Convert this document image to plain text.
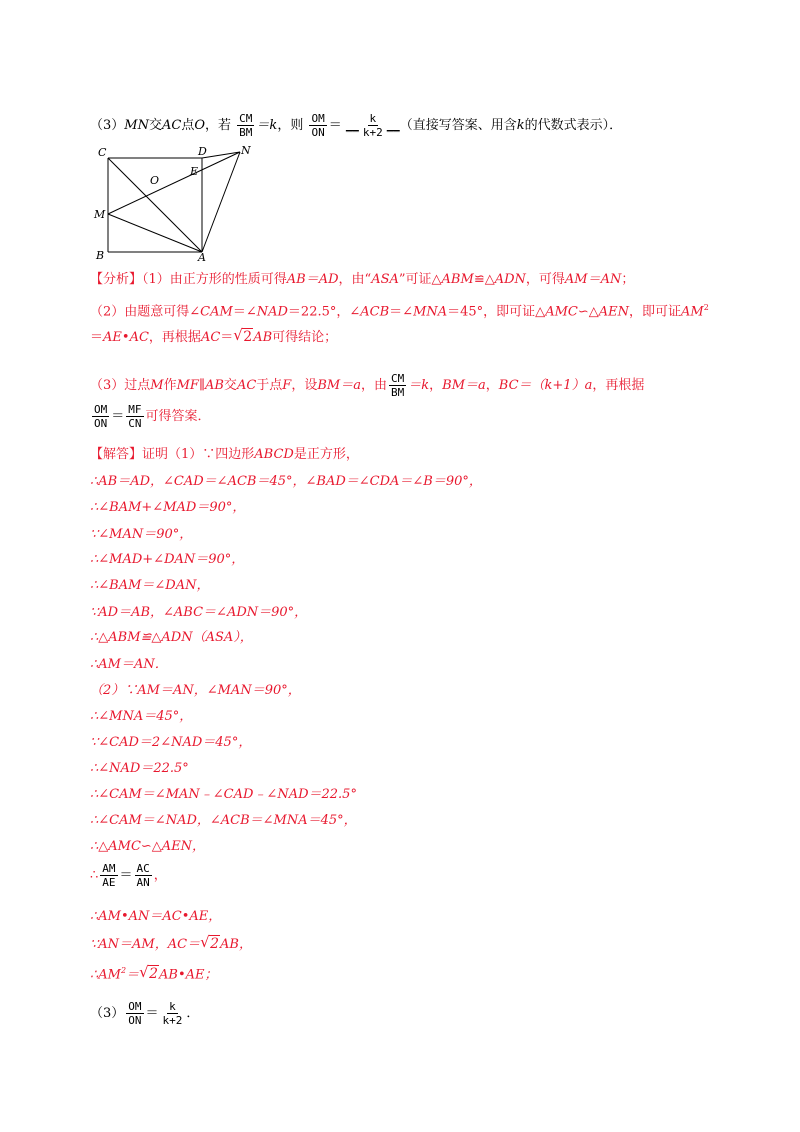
（3）MN交AC点O，若 $\frac{CM}{BM} =k$，则 $\frac{OM}{ON}$ ＝ __ $\frac{k}{k+2}$ __（直接写答案、用含k的代数式表示）．
C	D	N
O
E
M
B	A
【分析】（1）由正方形的性质可得AB＝AD，由“ASA”可证△ABM≌△ADN，可得AM＝AN；
（2）由题意可得∠CAM＝∠NAD＝22.5°，∠ACB＝∠MNA＝45°，即可证△AMC∽△AEN，即可证$AM^2$
＝AE•AC，再根据AC＝√ 2AB可得结论；
（3）过点M作MF∥AB交AC于点F，设BM＝a，由 $\frac{CM}{BM} =k$，BM＝a，BC＝（k+1）a，再根据
$\frac{OM}{ON} = \frac{MF}{CN}$ 可得答案．
【解答】证明（1）∵四边形ABCD是正方形，
∴AB＝AD，∠CAD＝∠ACB＝45°，∠BAD＝∠CDA＝∠B＝90°，
∴∠BAM+∠MAD＝90°，
∵∠MAN＝90°，
∴∠MAD+∠DAN＝90°，
∴∠BAM＝∠DAN，
∵AD＝AB，∠ABC＝∠ADN＝90°，
∴△ABM≌△ADN（ASA），
∴AM＝AN．
（2）∵AM＝AN，∠MAN＝90°，
∴∠MNA＝45°，
∵∠CAD＝2∠NAD＝45°，
∴∠NAD＝22.5°
∴∠CAM＝∠MAN﹣∠CAD﹣∠NAD＝22.5°
∴∠CAM＝∠NAD，∠ACB＝∠MNA＝45°，
∴△AMC∽△AEN，
∴ $\frac{AM}{AE} = \frac{AC}{AN}$ ，
∴AM•AN＝AC•AE，
∵AN＝AM，AC＝√ 2AB，
$\therefore AM^2=√$ 2AB•AE；
$(3) \frac{OM}{ON} = \frac{k}{k+2}$ ．
